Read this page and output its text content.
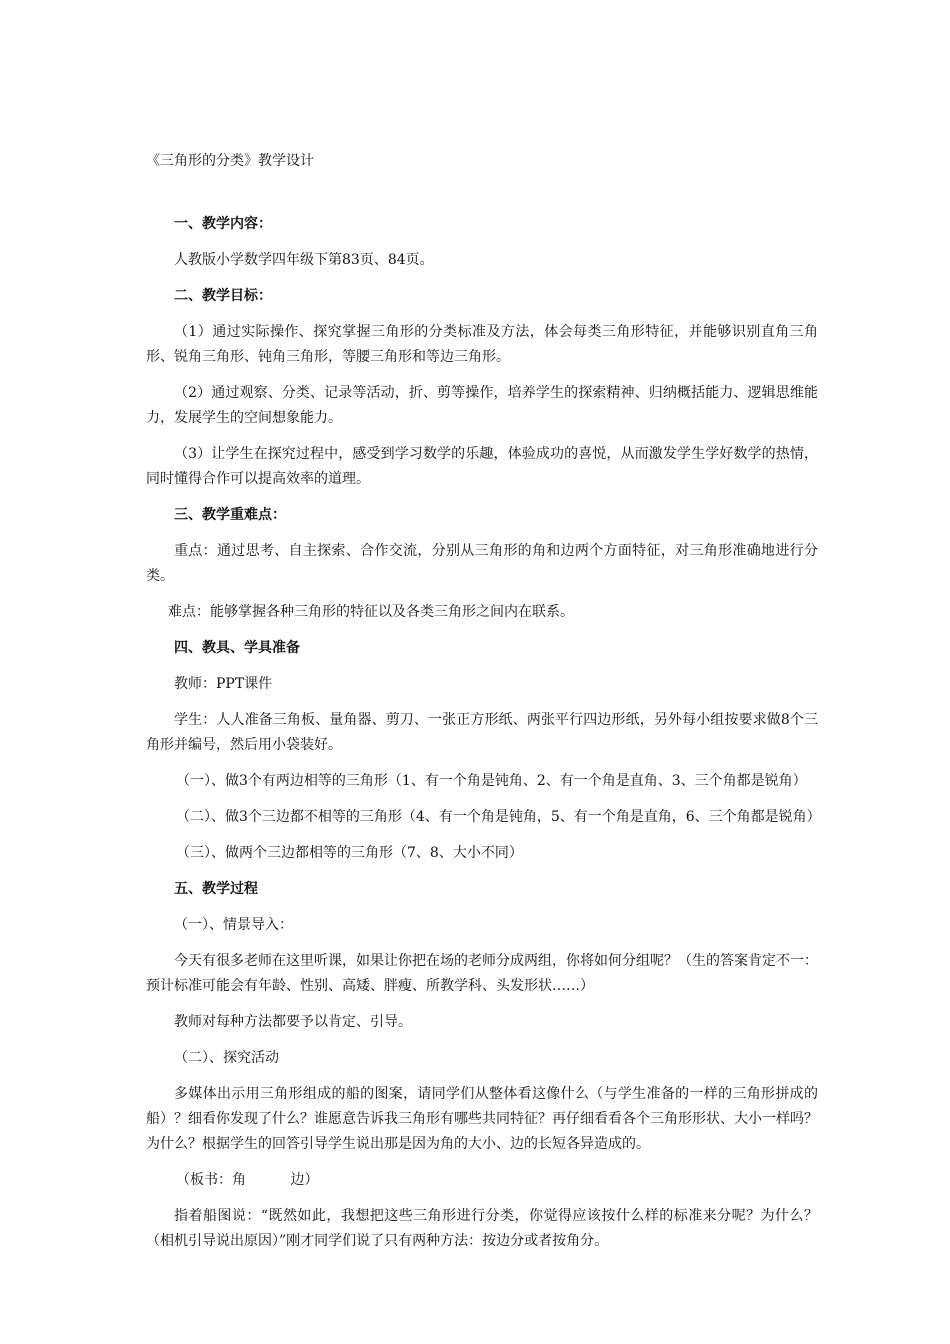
《三角形的分类》教学设计

一、教学内容：

人教版小学数学四年级下第83页、84页。

二、教学目标：

（1）通过实际操作、探究掌握三角形的分类标准及方法，体会每类三角形特征，并能够识别直角三角形、锐角三角形、钝角三角形，等腰三角形和等边三角形。

（2）通过观察、分类、记录等活动，折、剪等操作，培养学生的探索精神、归纳概括能力、逻辑思维能力，发展学生的空间想象能力。

（3）让学生在探究过程中，感受到学习数学的乐趣，体验成功的喜悦，从而激发学生学好数学的热情，同时懂得合作可以提高效率的道理。

三、教学重难点：

重点：通过思考、自主探索、合作交流，分别从三角形的角和边两个方面特征，对三角形准确地进行分类。

难点：能够掌握各种三角形的特征以及各类三角形之间内在联系。

四、教具、学具准备

教师：PPT课件

学生：人人准备三角板、量角器、剪刀、一张正方形纸、两张平行四边形纸，另外每小组按要求做8个三角形并编号，然后用小袋装好。

（一）、做3个有两边相等的三角形（1、有一个角是钝角、2、有一个角是直角、3、三个角都是锐角）

（二）、做3个三边都不相等的三角形（4、有一个角是钝角，5、有一个角是直角，6、三个角都是锐角）

（三）、做两个三边都相等的三角形（7、8、大小不同）

五、教学过程

（一）、情景导入：

今天有很多老师在这里听课，如果让你把在场的老师分成两组，你将如何分组呢？（生的答案肯定不一：预计标准可能会有年龄、性别、高矮、胖瘦、所教学科、头发形状……）

教师对每种方法都要予以肯定、引导。

（二）、探究活动

多媒体出示用三角形组成的船的图案，请同学们从整体看这像什么（与学生准备的一样的三角形拼成的船）？细看你发现了什么？谁愿意告诉我三角形有哪些共同特征？再仔细看看各个三角形形状、大小一样吗？为什么？根据学生的回答引导学生说出那是因为角的大小、边的长短各异造成的。

（板书：角          边）

指着船图说：“既然如此，我想把这些三角形进行分类，你觉得应该按什么样的标准来分呢？为什么？（相机引导说出原因）”刚才同学们说了只有两种方法：按边分或者按角分。
